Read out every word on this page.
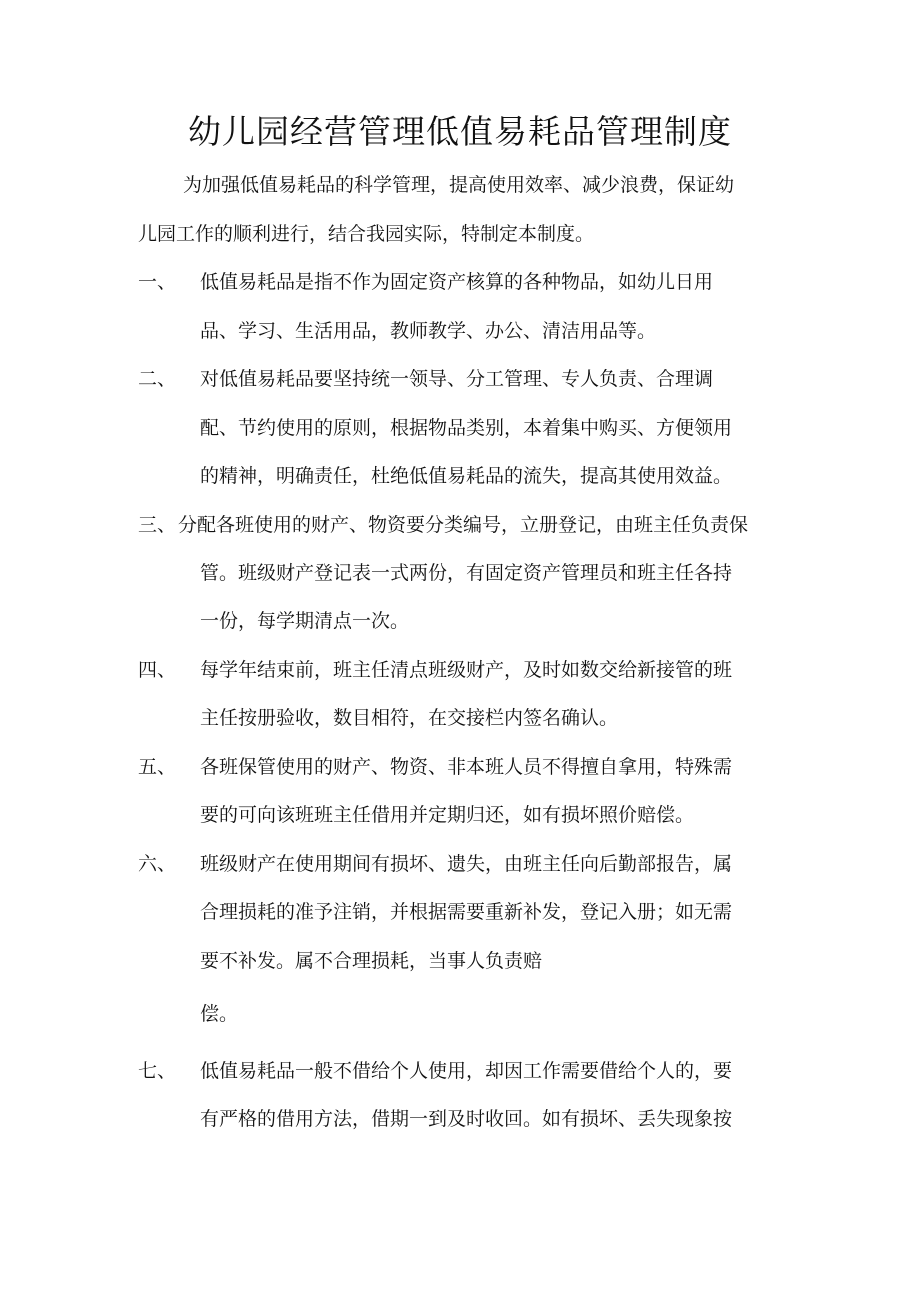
幼儿园经营管理低值易耗品管理制度
为加强低值易耗品的科学管理，提高使用效率、减少浪费，保证幼
儿园工作的顺利进行，结合我园实际，特制定本制度。
一、 低值易耗品是指不作为固定资产核算的各种物品，如幼儿日用
品、学习、生活用品，教师教学、办公、清洁用品等。
二、 对低值易耗品要坚持统一领导、分工管理、专人负责、合理调
配、节约使用的原则，根据物品类别，本着集中购买、方便领用
的精神，明确责任，杜绝低值易耗品的流失，提高其使用效益。
三、 分配各班使用的财产、物资要分类编号，立册登记，由班主任负责保
管。班级财产登记表一式两份，有固定资产管理员和班主任各持
一份，每学期清点一次。
四、 每学年结束前，班主任清点班级财产，及时如数交给新接管的班
主任按册验收，数目相符，在交接栏内签名确认。
五、 各班保管使用的财产、物资、非本班人员不得擅自拿用，特殊需
要的可向该班班主任借用并定期归还，如有损坏照价赔偿。
六、 班级财产在使用期间有损坏、遗失，由班主任向后勤部报告，属
合理损耗的准予注销，并根据需要重新补发，登记入册；如无需
要不补发。属不合理损耗，当事人负责赔
偿。
七、 低值易耗品一般不借给个人使用，却因工作需要借给个人的，要
有严格的借用方法，借期一到及时收回。如有损坏、丢失现象按
